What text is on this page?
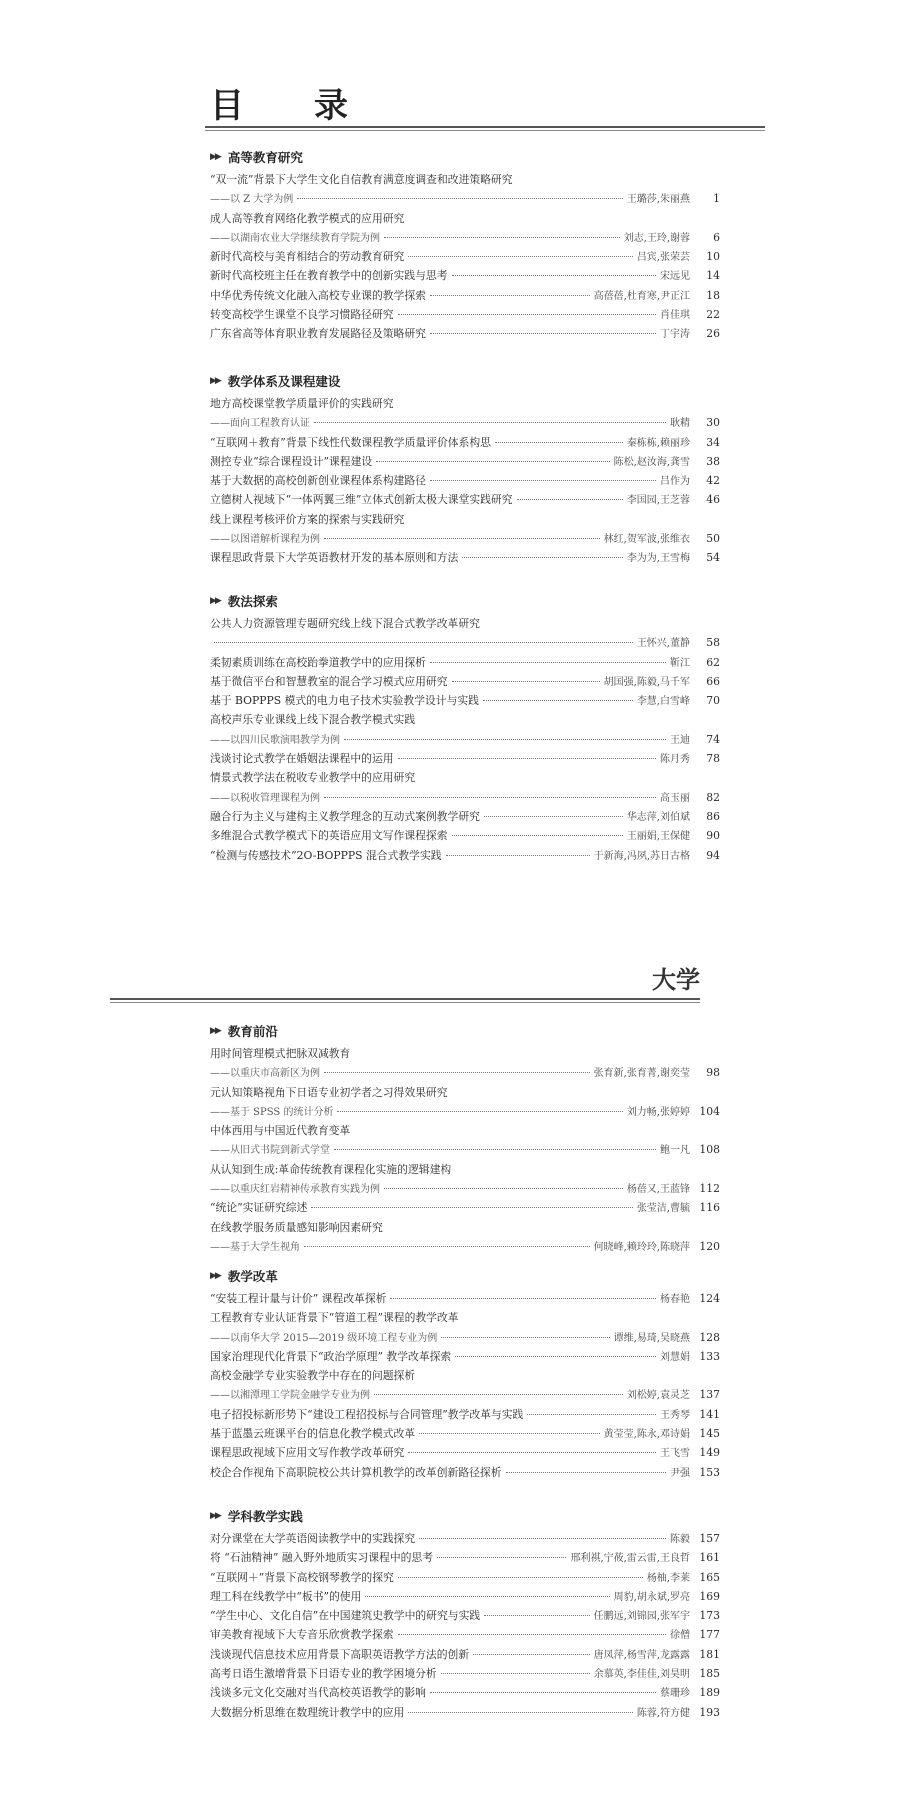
目　录
大学
▶▶ 高等教育研究
“双一流”背景下大学生文化自信教育满意度调查和改进策略研究
——以 Z 大学为例	王璐莎,朱丽燕	1
成人高等教育网络化教学模式的应用研究
——以湖南农业大学继续教育学院为例	刘志,王玲,谢蓉	6
新时代高校与美育相结合的劳动教育研究	吕宾,张荣芸	10
新时代高校班主任在教育教学中的创新实践与思考	宋远见	14
中华优秀传统文化融入高校专业课的教学探索	高蓓蓓,杜育寒,尹正江	18
转变高校学生课堂不良学习惯路径研究	肖佳琪	22
广东省高等体育职业教育发展路径及策略研究	丁宇涛	26
▶▶ 教学体系及课程建设
地方高校课堂教学质量评价的实践研究
——面向工程教育认证	耿精	30
“互联网＋教育”背景下线性代数课程教学质量评价体系构思	秦栋栋,赖丽珍	34
测控专业“综合课程设计”课程建设	陈松,赵汝海,龚雪	38
基于大数据的高校创新创业课程体系构建路径	吕作为	42
立德树人视域下“一体两翼三维”立体式创新太极大课堂实践研究	李国园,王芝蓉	46
线上课程考核评价方案的探索与实践研究
——以图谱解析课程为例	林红,贺军波,张维衣	50
课程思政背景下大学英语教材开发的基本原则和方法	李为为,王雪梅	54
▶▶ 教法探索
公共人力资源管理专题研究线上线下混合式教学改革研究
王怀兴,董静	58
柔韧素质训练在高校跆拳道教学中的应用探析	靳江	62
基于微信平台和智慧教室的混合学习模式应用研究	胡国强,陈毅,马千军	66
基于 BOPPPS 模式的电力电子技术实验教学设计与实践	李慧,白雪峰	70
高校声乐专业课线上线下混合教学模式实践
——以四川民歌演唱教学为例	王迪	74
浅谈讨论式教学在婚姻法课程中的运用	陈月秀	78
情景式教学法在税收专业教学中的应用研究
——以税收管理课程为例	高玉丽	82
融合行为主义与建构主义教学理念的互动式案例教学研究	华志萍,刘伯斌	86
多维混合式教学模式下的英语应用文写作课程探索	王丽娟,王保健	90
“检测与传感技术”2O-BOPPPS 混合式教学实践	于新海,冯夙,苏日古格	94
▶▶ 教育前沿
用时间管理模式把脉双减教育
——以重庆市高新区为例	张育新,张育菁,谢奕莹	98
元认知策略视角下日语专业初学者之习得效果研究
——基于 SPSS 的统计分析	刘力畅,张婷婷 104
中体西用与中国近代教育变革
——从旧式书院到新式学堂	鲍一凡 108
从认知到生成:革命传统教育课程化实施的逻辑建构
——以重庆红岩精神传承教育实践为例	杨蓓又,王蓝锋 112
“统论”实证研究综述	张莹洁,曹毓 116
在线教学服务质量感知影响因素研究
——基于大学生视角	何晓峰,赖玲玲,陈晓萍 120
▶▶ 教学改革
“安装工程计量与计价” 课程改革探析	杨春艳 124
工程教育专业认证背景下“管道工程”课程的教学改革
——以南华大学 2015—2019 级环境工程专业为例	谭维,易琦,吴晓燕 128
国家治理现代化背景下“政治学原理” 教学改革探索	刘慧娟 133
高校金融学专业实验教学中存在的问题探析
——以湘潭理工学院金融学专业为例	刘松婷,袁灵芝 137
电子招投标新形势下“建设工程招投标与合同管理”教学改革与实践	王秀琴 141
基于蓝墨云班课平台的信息化教学模式改革	黄莹莹,陈永,邓诗娟 145
课程思政视域下应用文写作教学改革研究	王飞雪 149
校企合作视角下高职院校公共计算机教学的改革创新路径探析	尹强 153
▶▶ 学科教学实践
对分课堂在大学英语阅读教学中的实践探究	陈毅 157
将 “石油精神” 融入野外地质实习课程中的思考	邢利祺,宁莜,雷云雷,王良哲 161
“互联网＋”背景下高校钢琴教学的探究	杨柚,李莱 165
理工科在线教学中“板书”的使用	周豹,胡永斌,罗亮 169
“学生中心、文化自信”在中国建筑史教学中的研究与实践	任鹏远,刘锦园,张军宇 173
审美教育视域下大专音乐欣赏教学探索	徐僧 177
浅谈现代信息技术应用背景下高职英语教学方法的创新	唐凤萍,杨雪萍,龙露露 181
高考日语生激增背景下日语专业的教学困境分析	余慕英,李佳佳,刘昊明 185
浅谈多元文化交融对当代高校英语教学的影响	蔡珊珍 189
大数据分析思维在数理统计教学中的应用	陈蓉,符方健 193
